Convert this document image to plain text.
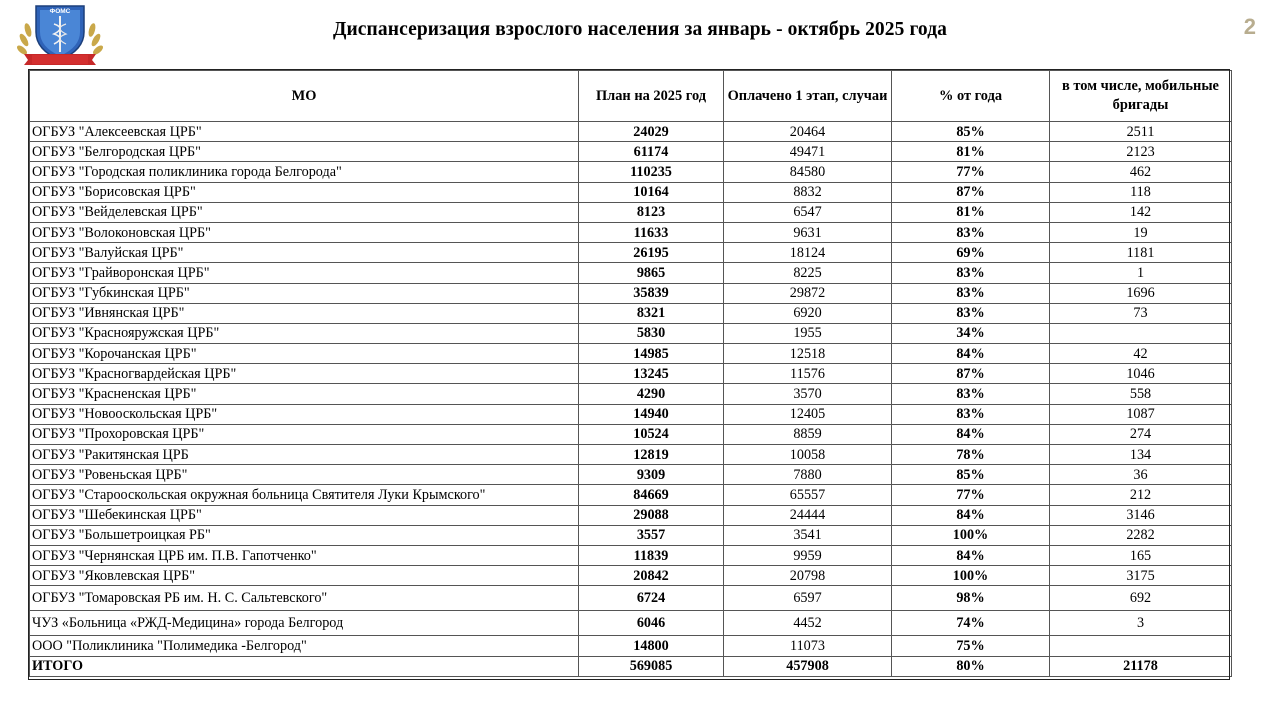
ФОМС
Диспансеризация взрослого населения за январь - октябрь 2025 года	2
МО	План на 2025 год	Оплачено 1 этап, случаи	% от года	в том числе, мобильные бригады
ОГБУЗ "Алексеевская ЦРБ"	24029	20464	85%	2511
ОГБУЗ "Белгородская ЦРБ"	61174	49471	81%	2123
ОГБУЗ "Городская поликлиника города Белгорода"	110235	84580	77%	462
ОГБУЗ "Борисовская ЦРБ"	10164	8832	87%	118
ОГБУЗ "Вейделевская ЦРБ"	8123	6547	81%	142
ОГБУЗ "Волоконовская ЦРБ"	11633	9631	83%	19
ОГБУЗ "Валуйская ЦРБ"	26195	18124	69%	1181
ОГБУЗ "Грайворонская ЦРБ"	9865	8225	83%	1
ОГБУЗ "Губкинская ЦРБ"	35839	29872	83%	1696
ОГБУЗ "Ивнянская ЦРБ"	8321	6920	83%	73
ОГБУЗ "Краснояружская ЦРБ"	5830	1955	34%	
ОГБУЗ "Корочанская ЦРБ"	14985	12518	84%	42
ОГБУЗ "Красногвардейская ЦРБ"	13245	11576	87%	1046
ОГБУЗ "Красненская ЦРБ"	4290	3570	83%	558
ОГБУЗ "Новооскольская ЦРБ"	14940	12405	83%	1087
ОГБУЗ "Прохоровская ЦРБ"	10524	8859	84%	274
ОГБУЗ "Ракитянская ЦРБ	12819	10058	78%	134
ОГБУЗ "Ровеньская ЦРБ"	9309	7880	85%	36
ОГБУЗ "Старооскольская окружная больница Святителя Луки Крымского"	84669	65557	77%	212
ОГБУЗ "Шебекинская ЦРБ"	29088	24444	84%	3146
ОГБУЗ "Большетроицкая РБ"	3557	3541	100%	2282
ОГБУЗ "Чернянская ЦРБ им. П.В. Гапотченко"	11839	9959	84%	165
ОГБУЗ "Яковлевская ЦРБ"	20842	20798	100%	3175
ОГБУЗ "Томаровская РБ им. Н. С. Сальтевского"	6724	6597	98%	692
ЧУЗ «Больница «РЖД-Медицина» города Белгород	6046	4452	74%	3
ООО "Поликлиника "Полимедика -Белгород"	14800	11073	75%	
ИТОГО	569085	457908	80%	21178
